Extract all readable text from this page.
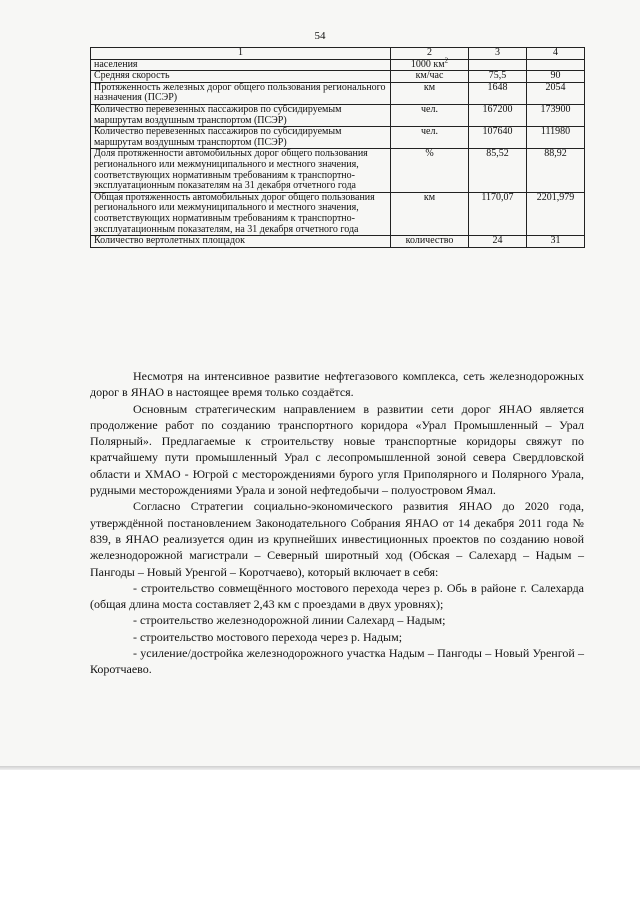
54
1	2	3	4
населения	1000 $км^2$		
Средняя скорость	км/час	75,5	90
Протяженность железных дорог общего пользования регионального назначения (ПСЭР)	км	1648	2054
Количество перевезенных пассажиров по субсидируемым маршрутам воздушным транспортом (ПСЭР)	чел.	167200	173900
Количество перевезенных пассажиров по субсидируемым маршрутам воздушным транспортом (ПСЭР)	чел.	107640	111980
Доля протяженности автомобильных дорог общего пользования регионального или межмуниципального и местного значения, соответствующих нормативным требованиям к транспортно-эксплуатационным показателям на 31 декабря отчетного года	%	85,52	88,92
Общая протяженность автомобильных дорог общего пользования регионального или межмуниципального и местного значения, соответствующих нормативным требованиям к транспортно-эксплуатационным показателям, на 31 декабря отчетного года	км	1170,07	2201,979
Количество вертолетных площадок	количество	24	31

Несмотря на интенсивное развитие нефтегазового комплекса, сеть железнодорожных дорог в ЯНАО в настоящее время только создаётся.

Основным стратегическим направлением в развитии сети дорог ЯНАО является продолжение работ по созданию транспортного коридора «Урал Промышленный – Урал Полярный». Предлагаемые к строительству новые транспортные коридоры свяжут по кратчайшему пути промышленный Урал с лесопромышленной зоной севера Свердловской области и ХМАО - Югрой с месторождениями бурого угля Приполярного и Полярного Урала, рудными месторождениями Урала и зоной нефтедобычи – полуостровом Ямал.

Согласно Стратегии социально-экономического развития ЯНАО до 2020 года, утверждённой постановлением Законодательного Собрания ЯНАО от 14 декабря 2011 года № 839, в ЯНАО реализуется один из крупнейших инвестиционных проектов по созданию новой железнодорожной магистрали – Северный широтный ход (Обская – Салехард – Надым – Пангоды – Новый Уренгой – Коротчаево), который включает в себя:

- строительство совмещённого мостового перехода через р. Обь в районе г. Салехарда (общая длина моста составляет 2,43 км с проездами в двух уровнях);

- строительство железнодорожной линии Салехард – Надым;

- строительство мостового перехода через р. Надым;

- усиление/достройка железнодорожного участка Надым – Пангоды – Новый Уренгой – Коротчаево.
